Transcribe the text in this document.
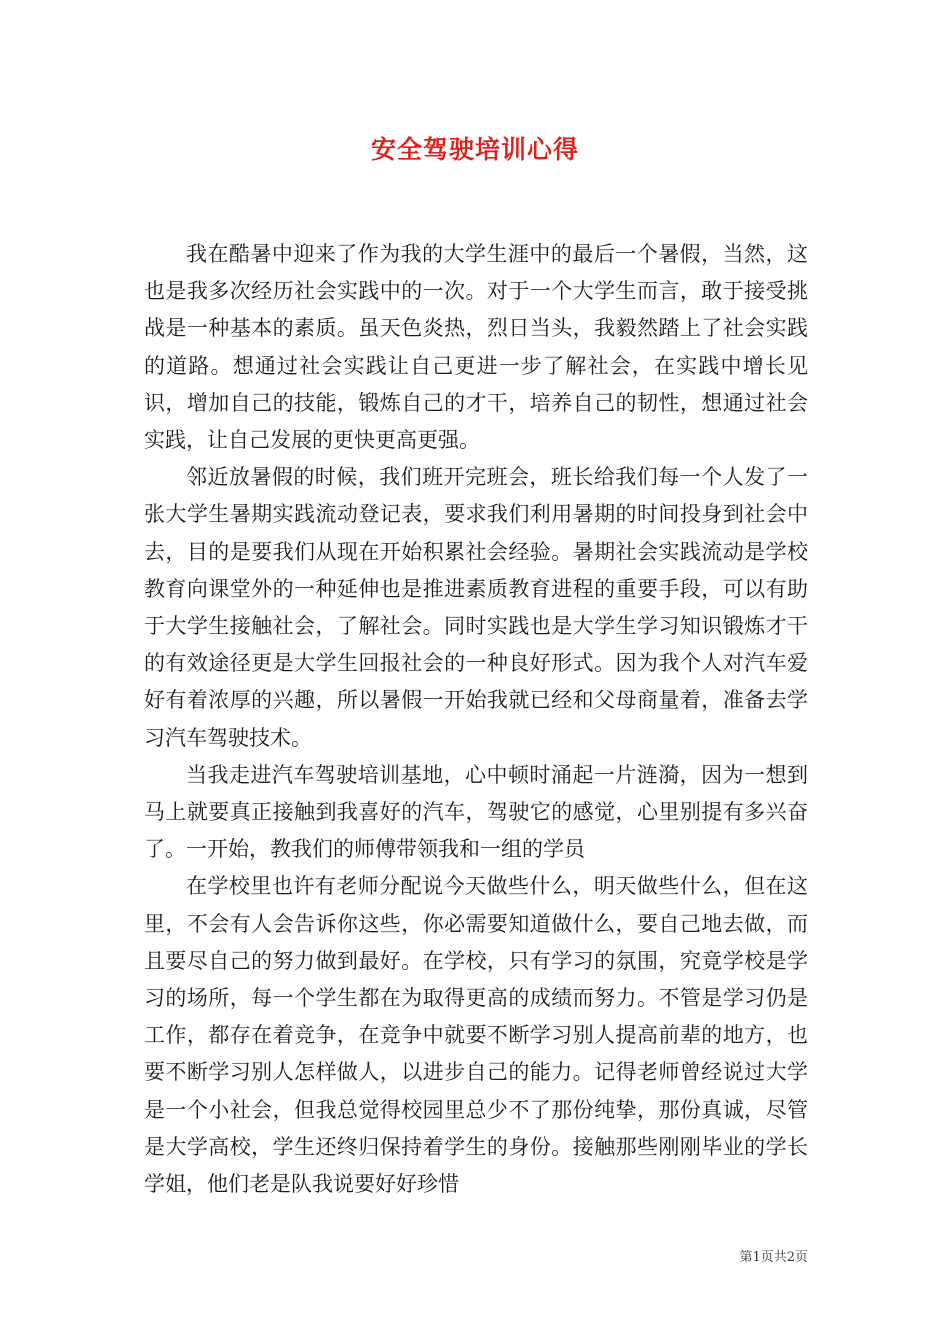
安全驾驶培训心得

我在酷暑中迎来了作为我的大学生涯中的最后一个暑假，当然，这也是我多次经历社会实践中的一次。对于一个大学生而言，敢于接受挑战是一种基本的素质。虽天色炎热，烈日当头，我毅然踏上了社会实践的道路。想通过社会实践让自己更进一步了解社会，在实践中增长见识，增加自己的技能，锻炼自己的才干，培养自己的韧性，想通过社会实践，让自己发展的更快更高更强。

邻近放暑假的时候，我们班开完班会，班长给我们每一个人发了一张大学生暑期实践流动登记表，要求我们利用暑期的时间投身到社会中去，目的是要我们从现在开始积累社会经验。暑期社会实践流动是学校教育向课堂外的一种延伸也是推进素质教育进程的重要手段，可以有助于大学生接触社会，了解社会。同时实践也是大学生学习知识锻炼才干的有效途径更是大学生回报社会的一种良好形式。因为我个人对汽车爱好有着浓厚的兴趣，所以暑假一开始我就已经和父母商量着，准备去学习汽车驾驶技术。

当我走进汽车驾驶培训基地，心中顿时涌起一片涟漪，因为一想到马上就要真正接触到我喜好的汽车，驾驶它的感觉，心里别提有多兴奋了。一开始，教我们的师傅带领我和一组的学员

在学校里也许有老师分配说今天做些什么，明天做些什么，但在这里，不会有人会告诉你这些，你必需要知道做什么，要自己地去做，而且要尽自己的努力做到最好。在学校，只有学习的氛围，究竟学校是学习的场所，每一个学生都在为取得更高的成绩而努力。不管是学习仍是工作，都存在着竞争，在竞争中就要不断学习别人提高前辈的地方，也要不断学习别人怎样做人，以进步自己的能力。记得老师曾经说过大学是一个小社会，但我总觉得校园里总少不了那份纯挚，那份真诚，尽管是大学高校，学生还终归保持着学生的身份。接触那些刚刚毕业的学长学姐，他们老是队我说要好好珍惜

第1页共2页
